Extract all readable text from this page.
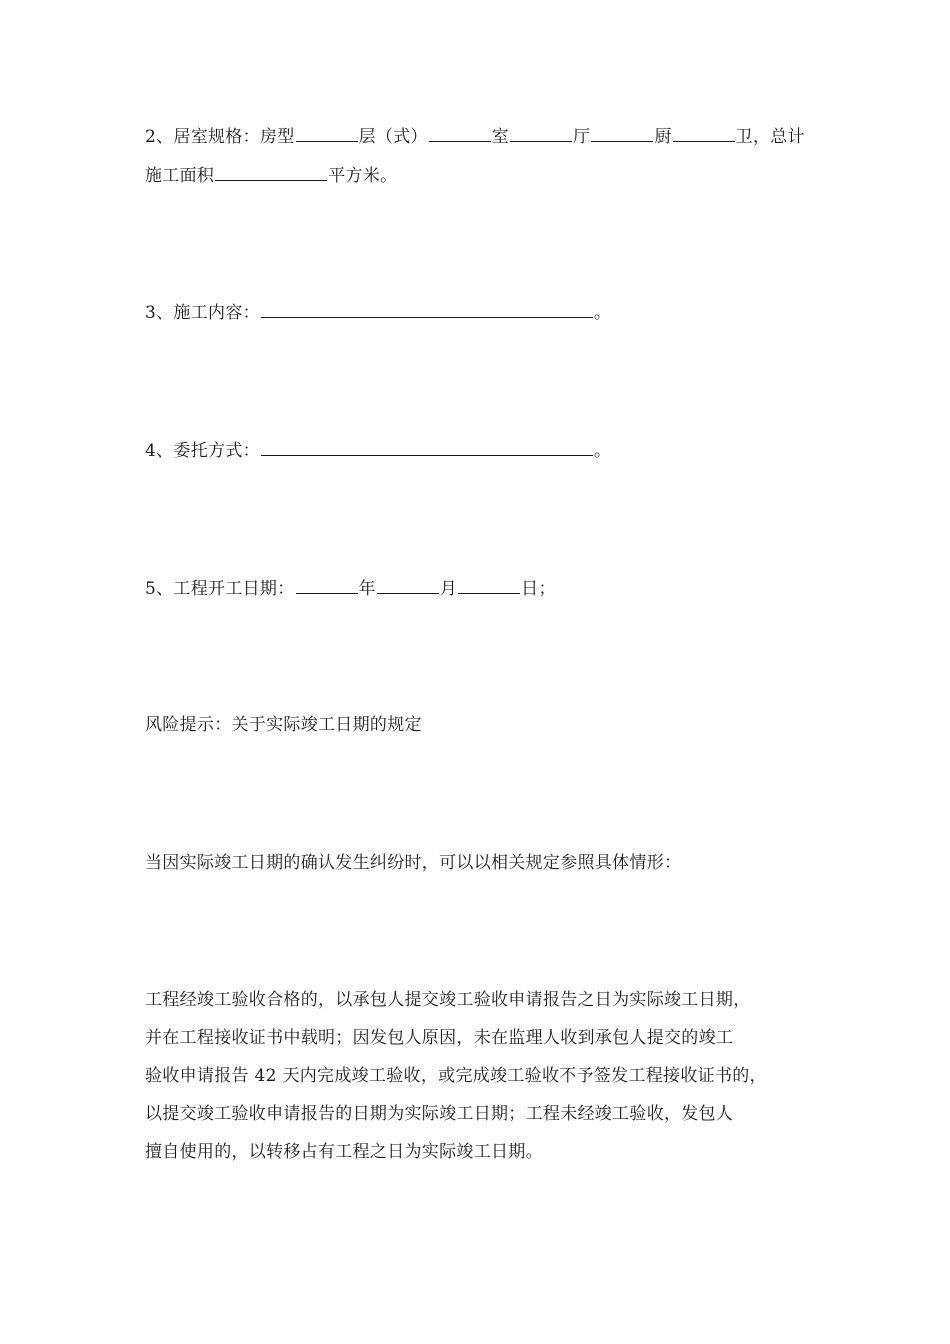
2、居室规格：房型	层（式）	室	厅	厨	卫，总计
施工面积	平方米。
3、施工内容：	。
4、委托方式：	。
5、工程开工日期：	年	月	日；
风险提示：关于实际竣工日期的规定
当因实际竣工日期的确认发生纠纷时，可以以相关规定参照具体情形：
工程经竣工验收合格的，以承包人提交竣工验收申请报告之日为实际竣工日期，
并在工程接收证书中载明；因发包人原因，未在监理人收到承包人提交的竣工
验收申请报告 42 天内完成竣工验收，或完成竣工验收不予签发工程接收证书的，
以提交竣工验收申请报告的日期为实际竣工日期；工程未经竣工验收，发包人
擅自使用的，以转移占有工程之日为实际竣工日期。
